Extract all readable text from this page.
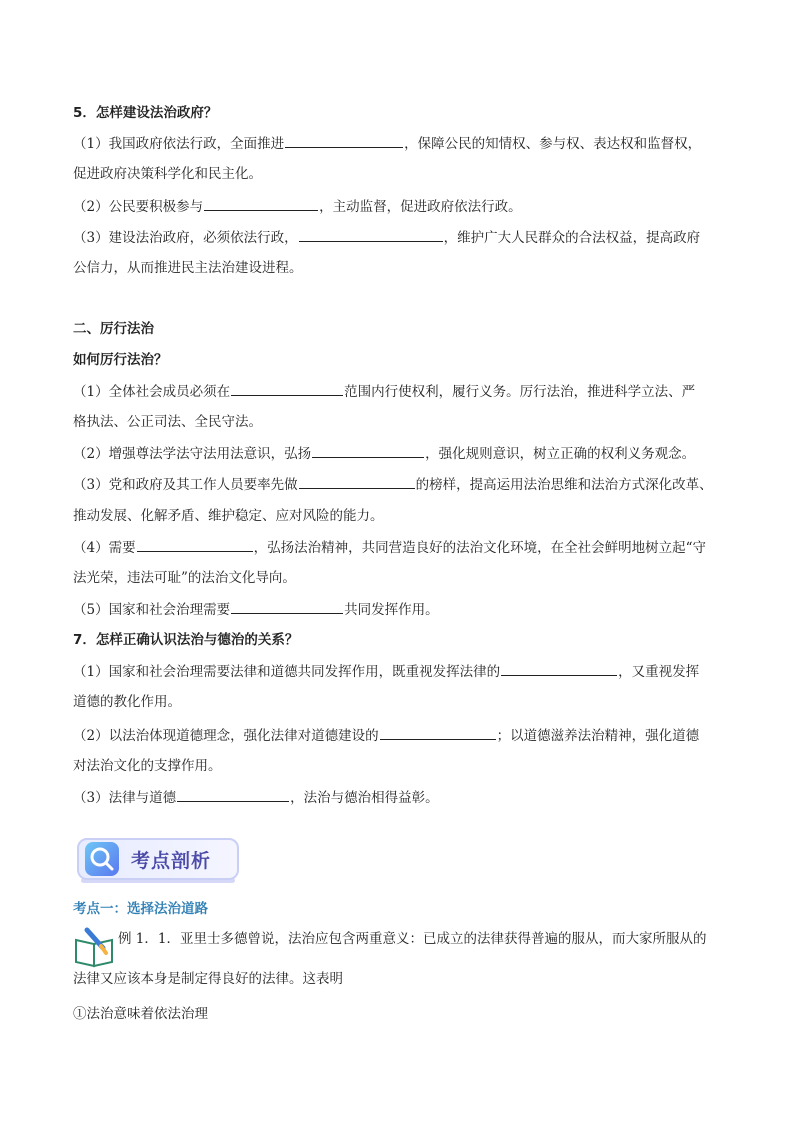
5．怎样建设法治政府？
（1）我国政府依法行政，全面推进	，保障公民的知情权、参与权、表达权和监督权，
促进政府决策科学化和民主化。
（2）公民要积极参与	，主动监督，促进政府依法行政。
（3）建设法治政府，必须依法行政，	，维护广大人民群众的合法权益，提高政府
公信力，从而推进民主法治建设进程。
二、厉行法治
如何厉行法治？
（1）全体社会成员必须在	范围内行使权利，履行义务。厉行法治，推进科学立法、严
格执法、公正司法、全民守法。
（2）增强尊法学法守法用法意识，弘扬	，强化规则意识，树立正确的权利义务观念。
（3）党和政府及其工作人员要率先做	的榜样，提高运用法治思维和法治方式深化改革、
推动发展、化解矛盾、维护稳定、应对风险的能力。
（4）需要	，弘扬法治精神，共同营造良好的法治文化环境，在全社会鲜明地树立起“守
法光荣，违法可耻”的法治文化导向。
（5）国家和社会治理需要	共同发挥作用。
7．怎样正确认识法治与德治的关系？
（1）国家和社会治理需要法律和道德共同发挥作用，既重视发挥法律的	，又重视发挥
道德的教化作用。
（2）以法治体现道德理念，强化法律对道德建设的	；以道德滋养法治精神，强化道德
对法治文化的支撑作用。
（3）法律与道德	，法治与德治相得益彰。
考点剖析
考点一：选择法治道路
例 1．1．亚里士多德曾说，法治应包含两重意义：已成立的法律获得普遍的服从，而大家所服从的
法律又应该本身是制定得良好的法律。这表明
①法治意味着依法治理
